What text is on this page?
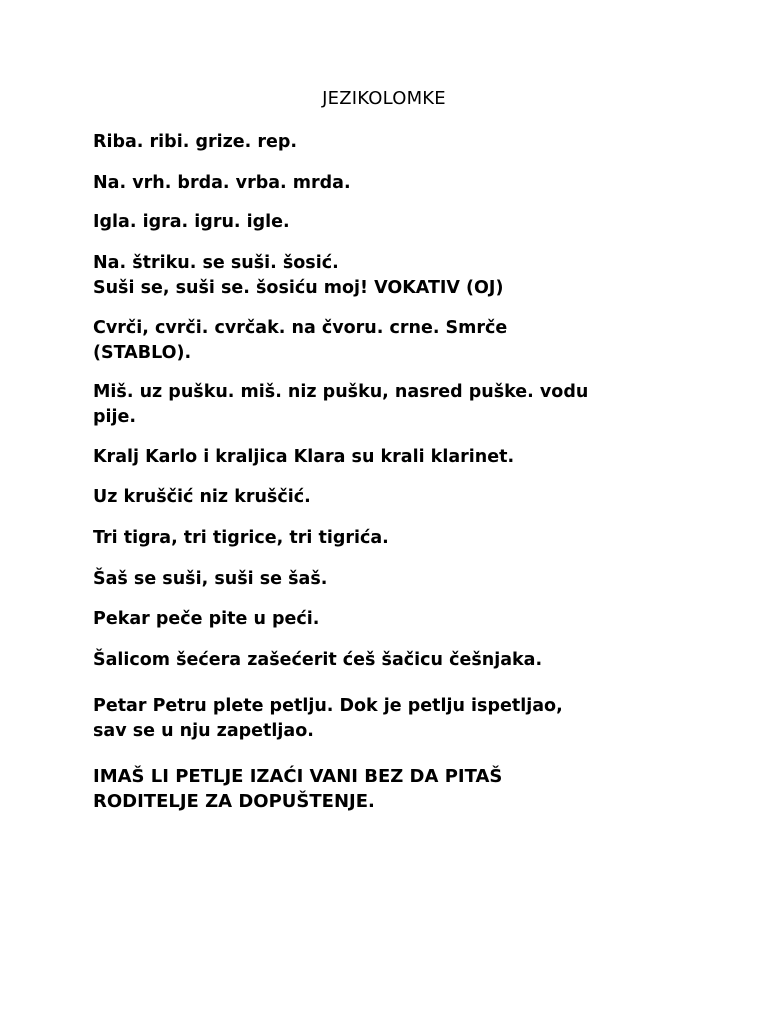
JEZIKOLOMKE

Riba. ribi. grize. rep.

Na. vrh. brda. vrba. mrda.

Igla. igra. igru. igle.

Na. štriku. se suši. šosić.

Suši se, suši se. šosiću moj! VOKATIV (OJ)

Cvrči, cvrči. cvrčak. na čvoru. crne. Smrče

(STABLO).

Miš. uz pušku. miš. niz pušku, nasred puške. vodu

pije.

Kralj Karlo i kraljica Klara su krali klarinet.

Uz kruščić niz kruščić.

Tri tigra, tri tigrice, tri tigrića.

Šaš se suši, suši se šaš.

Pekar peče pite u peći.

Šalicom šećera zašećerit ćeš šačicu češnjaka.

Petar Petru plete petlju. Dok je petlju ispetljao,

sav se u nju zapetljao.

IMAŠ LI PETLJE IZAĆI VANI BEZ DA PITAŠ

RODITELJE ZA DOPUŠTENJE.
